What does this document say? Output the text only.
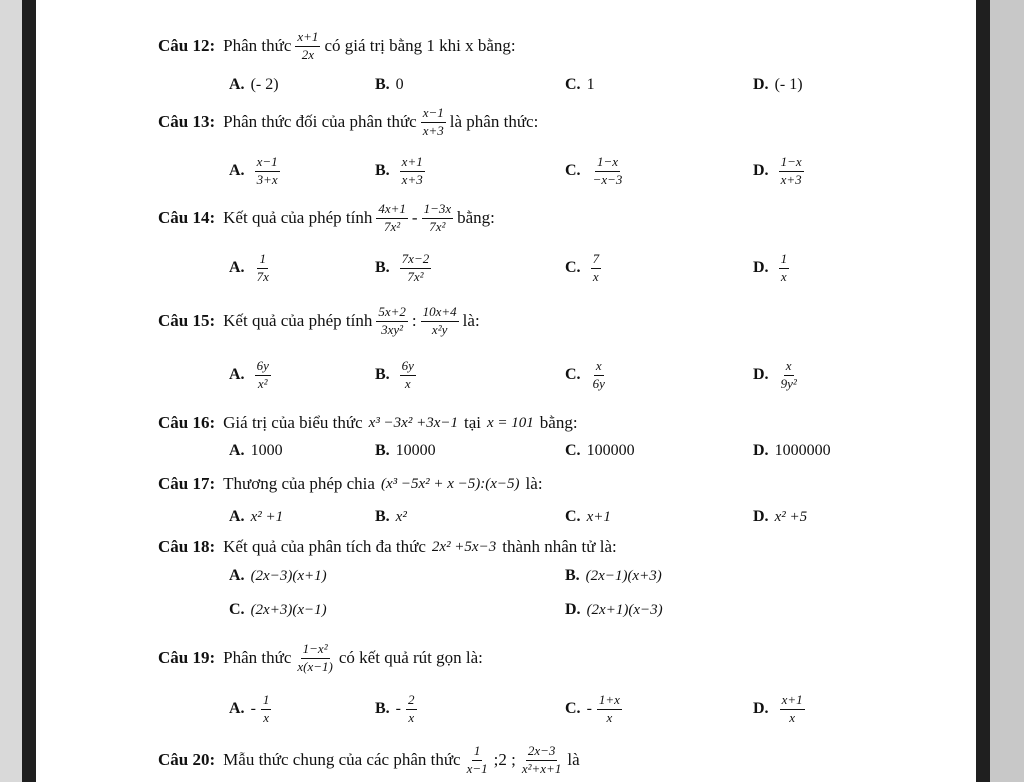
Câu 12: Phân thức $\frac{x+1}{2x}$ có giá trị bằng 1 khi x bằng:
A. (- 2)	B. 0	C. 1	D. (- 1)
Câu 13: Phân thức đối của phân thức $\frac{x-1}{x+3}$ là phân thức:
A. $\frac{x-1}{3+x}$	B. $\frac{x+1}{x+3}$	C. $\frac{1-x}{-x-3}$	D. $\frac{1-x}{x+3}$
Câu 14: Kết quả của phép tính $\frac{4x+1}{\text{7x²}} - \frac{1-3x}{\text{7x²}}$ bằng:
A. $\frac{1}{7x}$	B. $\frac{7x-2}{\text{7x²}}$	C. $\frac{7}{x}$	D. $\frac{1}{x}$
Câu 15: Kết quả của phép tính $\frac{5x+2}{\text{3xy²}}$ : $\frac{10x+4}{\text{x²y}}$ là:
A. $\frac{6y}{\text{x²}}$	B. $\frac{6y}{x}$	C. $\frac{x}{6y}$	D. $\frac{x}{\text{9y²}}$
Câu 16: Giá trị của biểu thức x³ −3x² +3x−1 tại x = 101 bằng:
A. 1000	B. 10000	C. 100000	D. 1000000
Câu 17: Thương của phép chia (x³ −5x² + x −5):(x−5) là:
A. x² +1	B. x²	C. x+1	D. x² +5
Câu 18: Kết quả của phân tích đa thức 2x² +5x−3 thành nhân tử là:
A. (2x−3)(x+1)	B. (2x−1)(x+3)
C. (2x+3)(x−1)	D. (2x+1)(x−3)
Câu 19: Phân thức $\frac{\text{1−x²}}{x(x-1)}$ có kết quả rút gọn là:
A. - $\frac{1}{x}$	B. - $\frac{2}{x}$	C. - $\frac{1+x}{x}$	D. $\frac{x+1}{x}$
Câu 20: Mẫu thức chung của các phân thức $\frac{1}{x-1}$ ;2 ; $\frac{2x-3}{\text{x²+x+1}}$ là
